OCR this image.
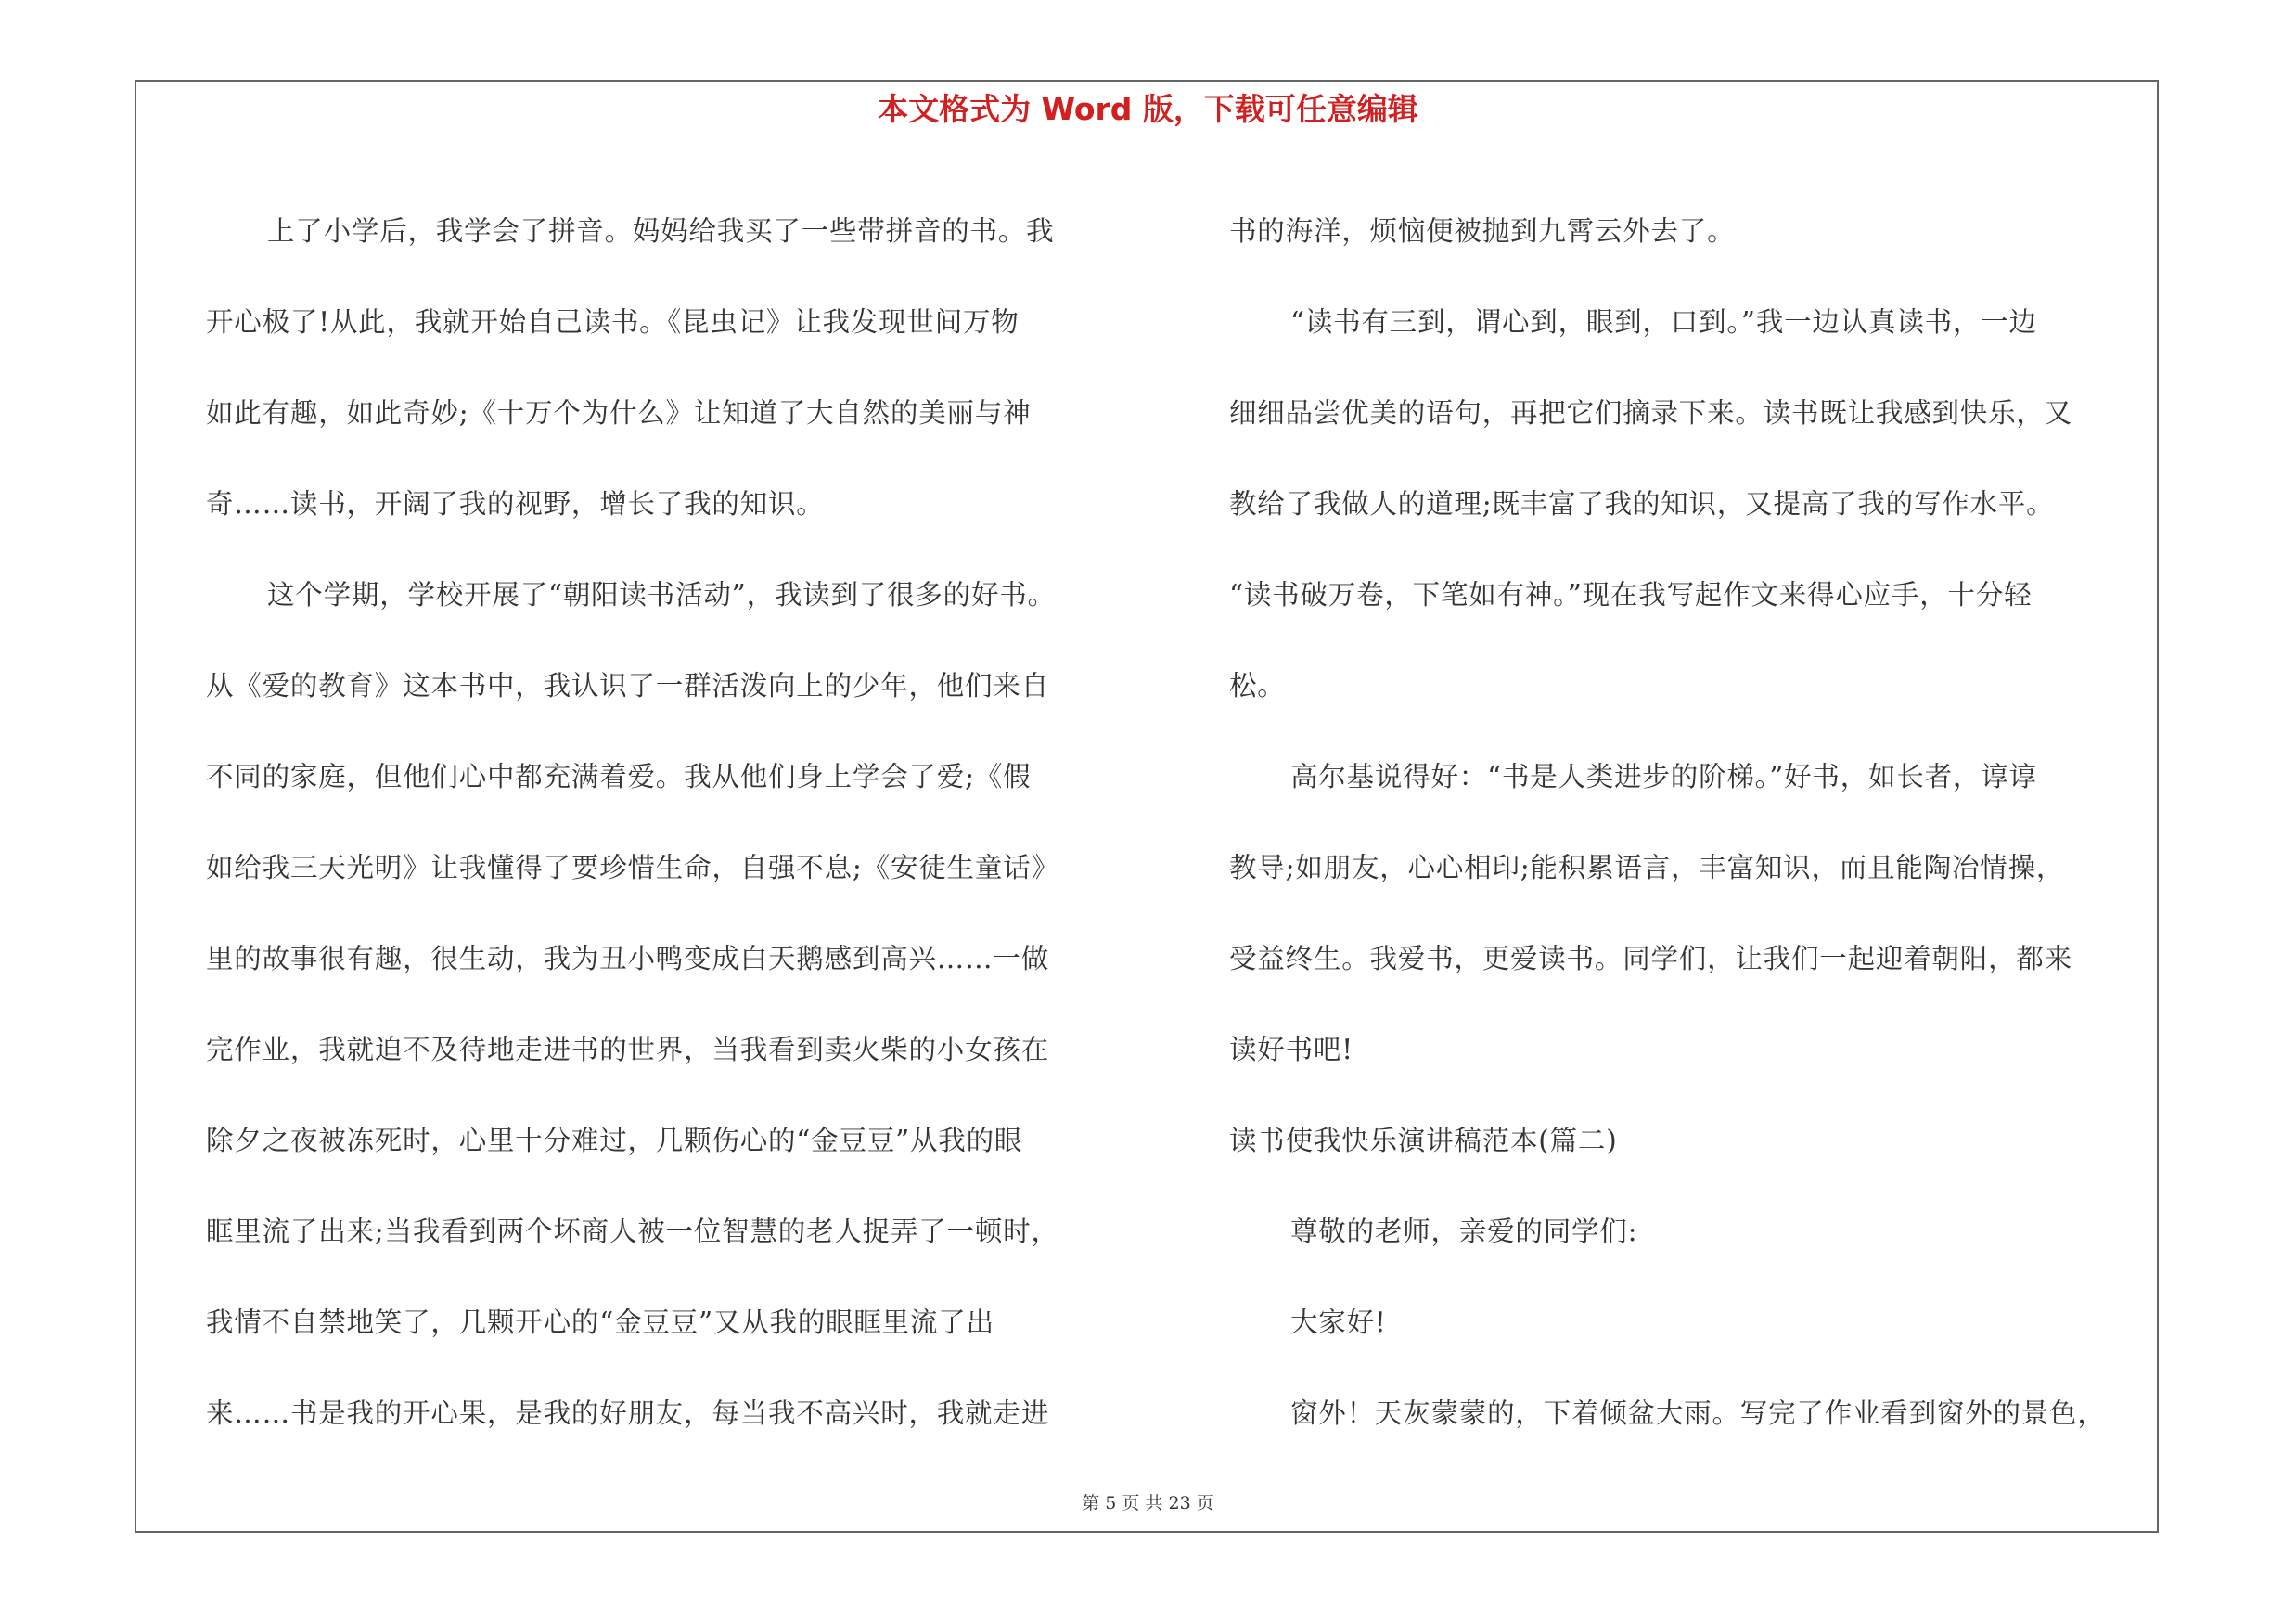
本文格式为 Word 版，下载可任意编辑
上了小学后，我学会了拼音。妈妈给我买了一些带拼音的书。我
开心极了!从此，我就开始自己读书。《昆虫记》让我发现世间万物
如此有趣，如此奇妙;《十万个为什么》让知道了大自然的美丽与神
奇……读书，开阔了我的视野，增长了我的知识。
这个学期，学校开展了“朝阳读书活动”，我读到了很多的好书。
从《爱的教育》这本书中，我认识了一群活泼向上的少年，他们来自
不同的家庭，但他们心中都充满着爱。我从他们身上学会了爱;《假
如给我三天光明》让我懂得了要珍惜生命，自强不息;《安徒生童话》
里的故事很有趣，很生动，我为丑小鸭变成白天鹅感到高兴……一做
完作业，我就迫不及待地走进书的世界，当我看到卖火柴的小女孩在
除夕之夜被冻死时，心里十分难过，几颗伤心的“金豆豆”从我的眼
眶里流了出来;当我看到两个坏商人被一位智慧的老人捉弄了一顿时，
我情不自禁地笑了，几颗开心的“金豆豆”又从我的眼眶里流了出
来……书是我的开心果，是我的好朋友，每当我不高兴时，我就走进
书的海洋，烦恼便被抛到九霄云外去了。
“读书有三到，谓心到，眼到，口到。”我一边认真读书，一边
细细品尝优美的语句，再把它们摘录下来。读书既让我感到快乐，又
教给了我做人的道理;既丰富了我的知识，又提高了我的写作水平。
“读书破万卷，下笔如有神。”现在我写起作文来得心应手，十分轻
松。
高尔基说得好：“书是人类进步的阶梯。”好书，如长者，谆谆
教导;如朋友，心心相印;能积累语言，丰富知识，而且能陶冶情操，
受益终生。我爱书，更爱读书。同学们，让我们一起迎着朝阳，都来
读好书吧!
读书使我快乐演讲稿范本(篇二)
尊敬的老师，亲爱的同学们:
大家好!
窗外！天灰蒙蒙的，下着倾盆大雨。写完了作业看到窗外的景色，
第 5 页 共 23 页
